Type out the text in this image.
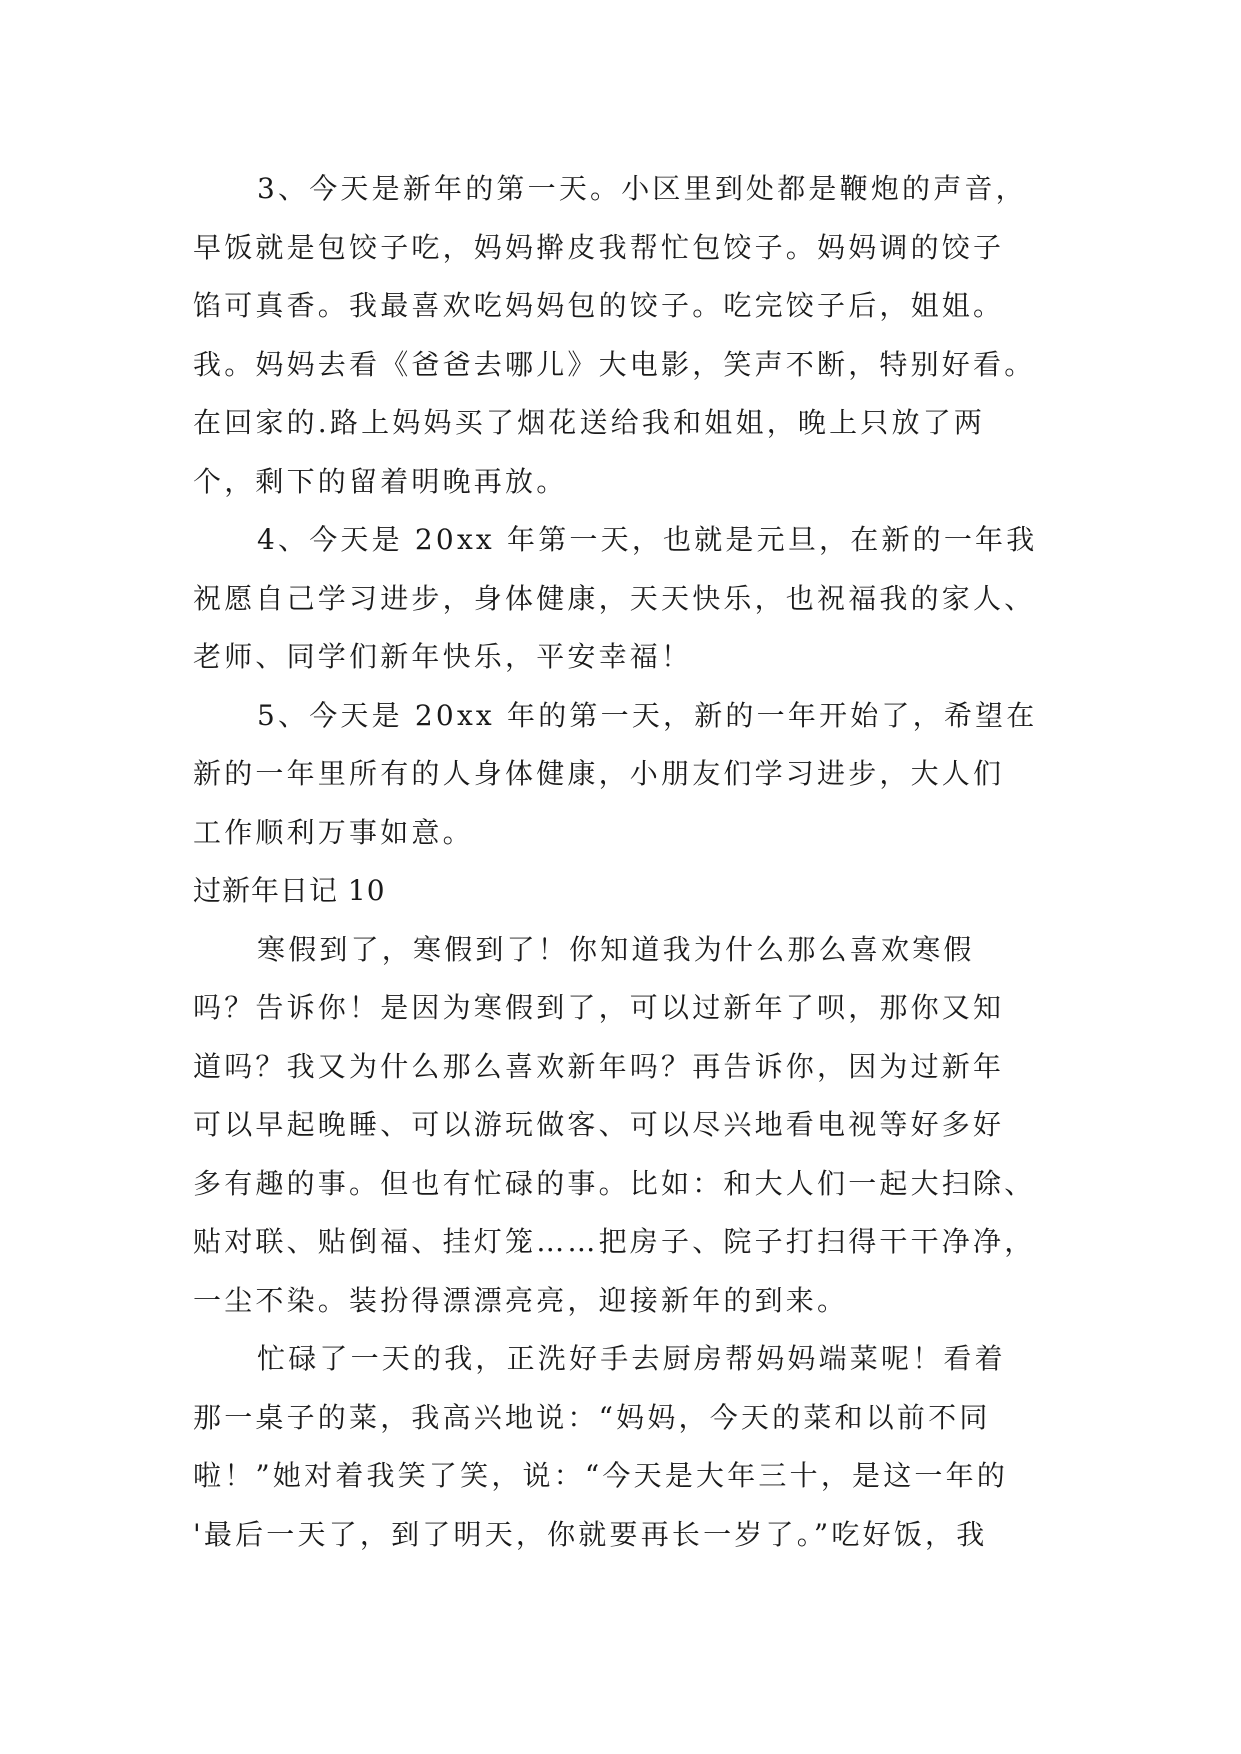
3、今天是新年的第一天。小区里到处都是鞭炮的声音，
早饭就是包饺子吃，妈妈擀皮我帮忙包饺子。妈妈调的饺子
馅可真香。我最喜欢吃妈妈包的饺子。吃完饺子后，姐姐。
我。妈妈去看《爸爸去哪儿》大电影，笑声不断，特别好看。
在回家的.路上妈妈买了烟花送给我和姐姐，晚上只放了两
个，剩下的留着明晚再放。
4、今天是 20xx 年第一天，也就是元旦，在新的一年我
祝愿自己学习进步，身体健康，天天快乐，也祝福我的家人、
老师、同学们新年快乐，平安幸福！
5、今天是 20xx 年的第一天，新的一年开始了，希望在
新的一年里所有的人身体健康，小朋友们学习进步，大人们
工作顺利万事如意。
过新年日记 10
寒假到了，寒假到了！你知道我为什么那么喜欢寒假
吗？告诉你！是因为寒假到了，可以过新年了呗，那你又知
道吗？我又为什么那么喜欢新年吗？再告诉你，因为过新年
可以早起晚睡、可以游玩做客、可以尽兴地看电视等好多好
多有趣的事。但也有忙碌的事。比如：和大人们一起大扫除、
贴对联、贴倒福、挂灯笼……把房子、院子打扫得干干净净，
一尘不染。装扮得漂漂亮亮，迎接新年的到来。
忙碌了一天的我，正洗好手去厨房帮妈妈端菜呢！看着
那一桌子的菜，我高兴地说：“妈妈，今天的菜和以前不同
啦！”她对着我笑了笑，说：“今天是大年三十，是这一年的
'最后一天了，到了明天，你就要再长一岁了。”吃好饭，我
